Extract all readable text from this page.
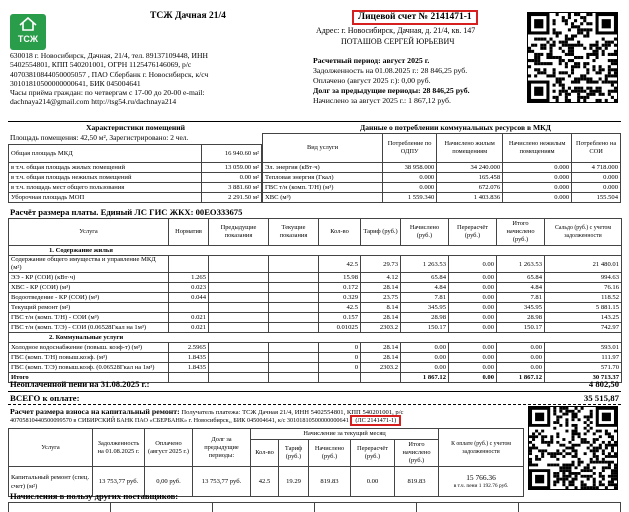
ТСЖ
ТСЖ Дачная 21/4
630018 г. Новосибирск, Дачная, 21/4, тел. 89137109448, ИНН
5402554801, КПП 540201001, ОГРН 1125476146069, р/с
40703810844050005057 , ПАО Сбербанк г. Новосибирск, к/сч
30101810500000000641, БИК 045004641
Часы приёма граждан: по четвергам с 17-00 до 20-00 e-mail:
dachnaya214@gmail.com http://tsg54.ru/dachnaya214
Лицевой счет № 2141471-1
Адрес: г. Новосибирск, Дачная, д. 21/4, кв. 147
ПОТАШОВ СЕРГЕЙ ЮРЬЕВИЧ
Расчетный период: август 2025 г.
Задолженность на 01.08.2025 г.: 28 846,25 руб.
Оплачено (август 2025 г.): 0,00 руб.
Долг за предыдущие периоды: 28 846,25 руб.
Начислено за август 2025 г.: 1 867,12 руб.
Характеристики помещений	Данные о потреблении коммунальных ресурсов в МКД
Площадь помещения: 42,50 м², Зарегистрировано: 2 чел.
Общая площадь МКД	16 940.60 м²
в т.ч. общая площадь жилых помещений	13 059.00 м²
в т.ч. общая площадь нежилых помещений	0.00 м²
в т.ч. площадь мест общего пользования	3 881.60 м²
Уборочная площадь МОП	2 291.50 м²
Вид услуги	Потребление по ОДПУ	Начислено жилым помещениям	Начислено нежилым помещениям	Потреблено на СОИ
Эл. энергия (кВт·ч)	38 958.000	34 240.000	0.000	4 718.000
Тепловая энергия (Гкал)	0.000	165.458	0.000	0.000
ГВС т/н (комп. Т/Н) (м³)	0.000	672.076	0.000	0.000
ХВС (м³)	1 559.340	1 403.836	0.000	155.504
Расчёт размера платы. Единый ЛС ГИС ЖКХ: 00ЕО333675
Услуга	Норматив	Предыдущие показания	Текущие показания	Кол-во	Тариф (руб.)	Начислено (руб.)	Перерасчёт (руб.)	Итого начислено (руб.)	Сальдо (руб.) с учетом задолженности
1. Содержание жилья									
Содержание общего имущества и управление МКД (м²)				42.5	29.73	1 263.53	0.00	1 263.53	21 480.01
ЭЭ - КР (СОИ) (кВт·ч)	1.265			15.98	4.12	65.84	0.00	65.84	994.63
ХВС - КР (СОИ) (м³)	0.023			0.172	28.14	4.84	0.00	4.84	76.16
Водоотведение - КР (СОИ) (м³)	0.044			0.329	23.75	7.81	0.00	7.81	118.52
Текущий ремонт (м²)				42.5	8.14	345.95	0.00	345.95	5 881.15
ГВС т/н (комп. Т/Н) - СОИ (м³)	0.021			0.157	28.14	28.98	0.00	28.98	143.25
ГВС т/н (комп. Т/Э) - СОИ (0.06528Гкал на 1м³)	0.021			0.01025	2303.2	150.17	0.00	150.17	742.97
2. Коммунальные услуги									
Холодное водоснабжение (повыш. коэф-т) (м³)	2.5965			0	28.14	0.00	0.00	0.00	593.01
ГВС (комп. Т/Н) повыш.коэф. (м³)	1.8435			0	28.14	0.00	0.00	0.00	111.97
ГВС (комп. Т/Э) повыш.коэф. (0.06528Гкал на 1м³)	1.8435			0	2303.2	0.00	0.00	0.00	571.70
Итого						1 867.12	0.00	1 867.12	30 713.37
Неоплаченной пени на 31.08.2025 г.:	4 802,50
ВСЕГО к оплате:	35 515,87
Расчет размера взноса на капитальный ремонт: Получатель платежа: ТСЖ Дачная 21/4, ИНН 5402554801, КПП 540201001, р/с
40705810440500099570 в СИБИРСКИЙ БАНК ПАО «СБЕРБАНК» г. Новосибирск,, БИК 045004641, к/с 30101810500000000641 (ЛС 2141471-1)
Услуга	Задолженность на 01.08.2025 г.	Оплачено (август 2025 г.)	Долг за предыдущие периоды:	Начисление за текущий месяц					К оплате (руб.) с учетом задолженности
				Кол-во	Тариф (руб.)	Начислено (руб.)	Перерасчёт (руб.)	Итого начислено (руб.)	
Капитальный ремонт (спец. счет) (м²)	13 753,77 руб.	0,00 руб.	13 753,77 руб.	42.5	19.29	819.83	0.00	819.83	15 766.36
в т.ч. пени 1 192.76 руб.
Начисления в пользу других поставщиков:
